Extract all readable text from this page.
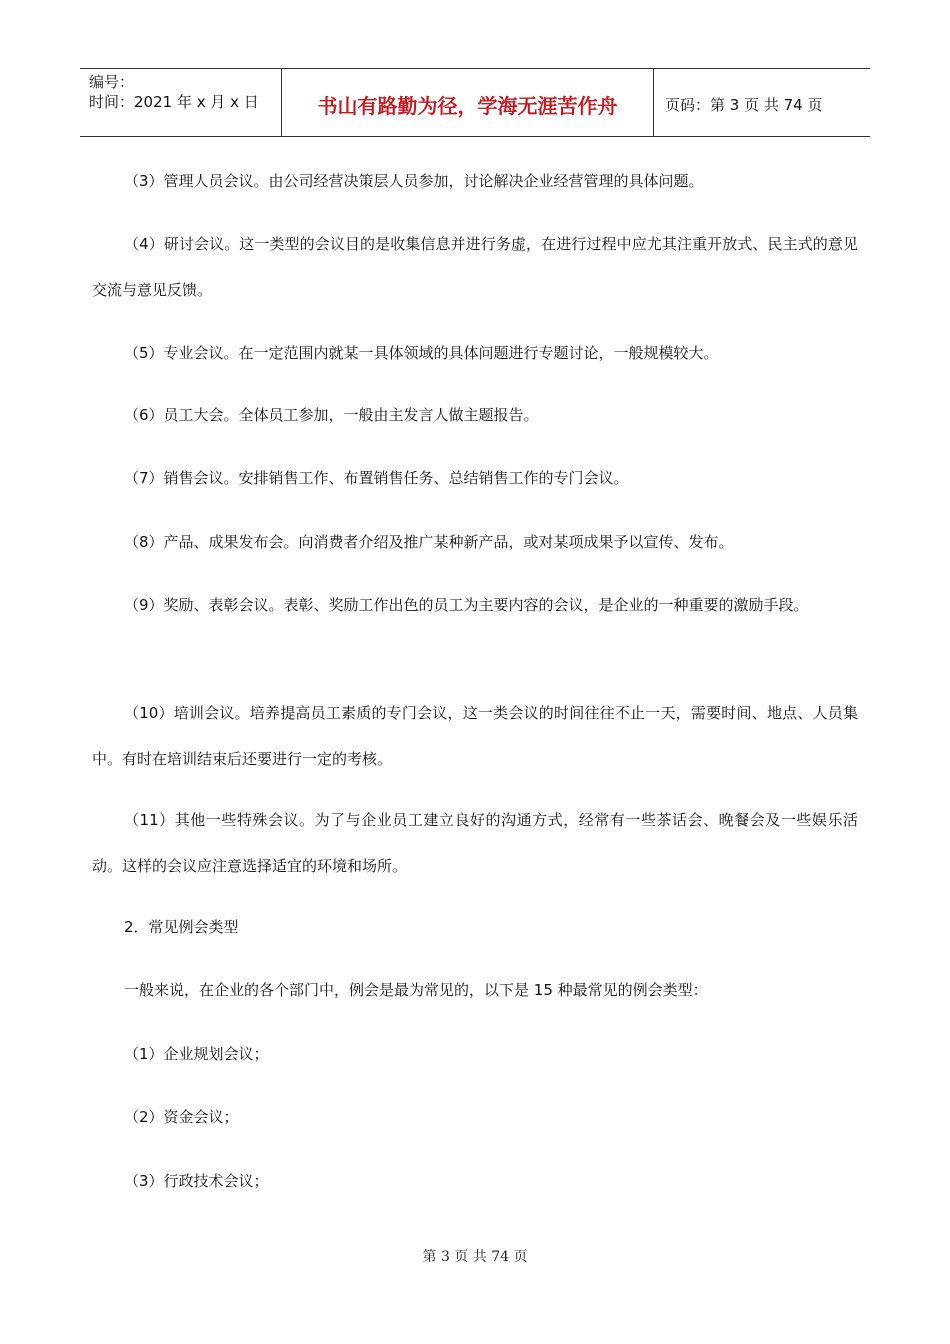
编号：
时间：2021 年 x 月 x 日	书山有路勤为径，学海无涯苦作舟	页码：第 3 页 共 74 页

（3）管理人员会议。由公司经营决策层人员参加，讨论解决企业经营管理的具体问题。

（4）研讨会议。这一类型的会议目的是收集信息并进行务虚，在进行过程中应尤其注重开放式、民主式的意见交流与意见反馈。

（5）专业会议。在一定范围内就某一具体领域的具体问题进行专题讨论，一般规模较大。

（6）员工大会。全体员工参加，一般由主发言人做主题报告。

（7）销售会议。安排销售工作、布置销售任务、总结销售工作的专门会议。

（8）产品、成果发布会。向消费者介绍及推广某种新产品，或对某项成果予以宣传、发布。

（9）奖励、表彰会议。表彰、奖励工作出色的员工为主要内容的会议，是企业的一种重要的激励手段。

（10）培训会议。培养提高员工素质的专门会议，这一类会议的时间往往不止一天，需要时间、地点、人员集中。有时在培训结束后还要进行一定的考核。

（11）其他一些特殊会议。为了与企业员工建立良好的沟通方式，经常有一些茶话会、晚餐会及一些娱乐活动。这样的会议应注意选择适宜的环境和场所。

2．常见例会类型

一般来说，在企业的各个部门中，例会是最为常见的，以下是 15 种最常见的例会类型：

（1）企业规划会议；

（2）资金会议；

（3）行政技术会议；

第 3 页 共 74 页
